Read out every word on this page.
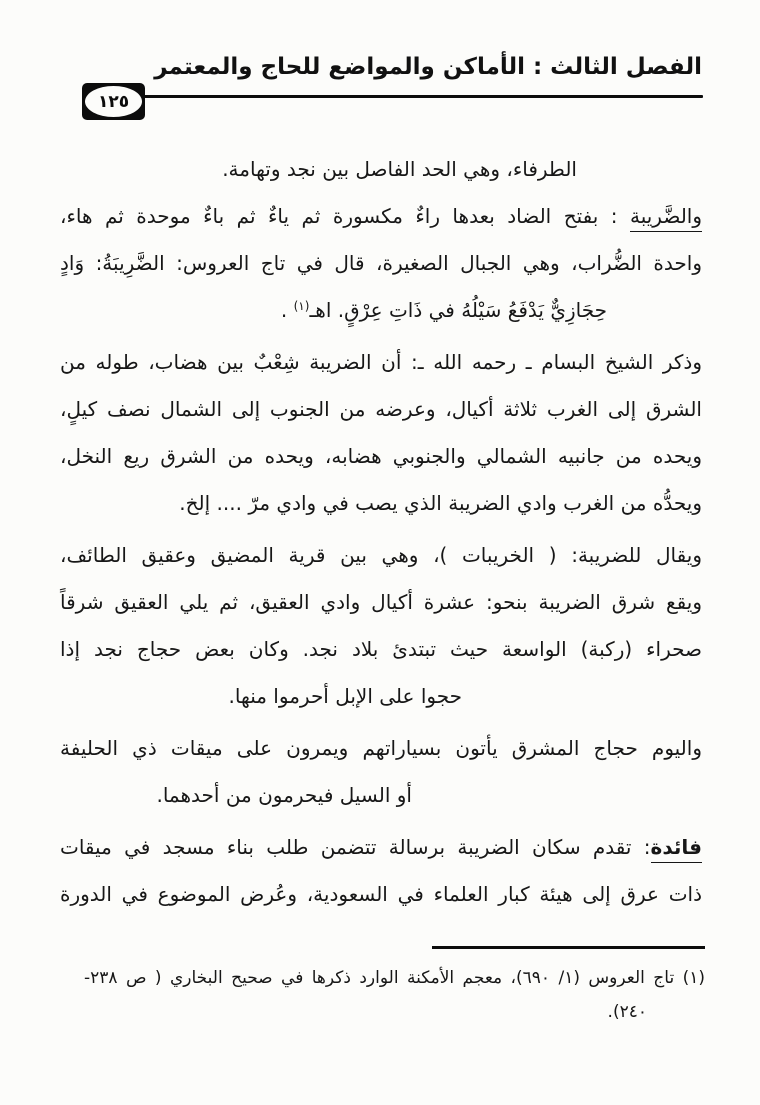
الفصل الثالث : الأماكن والمواضع للحاج والمعتمر
١٢٥
الطرفاء، وهي الحد الفاصل بين نجد وتهامة.
والضَّريبة : بفتح الضاد بعدها راءٌ مكسورة ثم ياءٌ ثم باءٌ موحدة ثم هاء،
واحدة الضُّراب، وهي الجبال الصغيرة، قال في تاج العروس: الضَّرِيبَةُ: وَادٍ
حِجَازِيٌّ يَدْفَعُ سَيْلُهُ في ذَاتِ عِرْقٍ. اهـ$^{(١)}$ .
وذكر الشيخ البسام ـ رحمه الله ـ: أن الضريبة شِعْبٌ بين هضاب، طوله من
الشرق إلى الغرب ثلاثة أكيال، وعرضه من الجنوب إلى الشمال نصف كيلٍ،
ويحده من جانبيه الشمالي والجنوبي هضابه، ويحده من الشرق ريع النخل،
ويحدُّه من الغرب وادي الضريبة الذي يصب في وادي مرّ .... إلخ.
ويقال للضريبة: ( الخريبات )، وهي بين قرية المضيق وعقيق الطائف،
ويقع شرق الضريبة بنحو: عشرة أكيال وادي العقيق، ثم يلي العقيق شرقاً
صحراء (ركبة) الواسعة حيث تبتدئ بلاد نجد. وكان بعض حجاج نجد إذا
حجوا على الإبل أحرموا منها.
واليوم حجاج المشرق يأتون بسياراتهم ويمرون على ميقات ذي الحليفة
أو السيل فيحرمون من أحدهما.
فائدة: تقدم سكان الضريبة برسالة تتضمن طلب بناء مسجد في ميقات
ذات عرق إلى هيئة كبار العلماء في السعودية، وعُرض الموضوع في الدورة
(١) تاج العروس (١/ ٦٩٠)، معجم الأمكنة الوارد ذكرها في صحيح البخاري ( ص ٢٣٨-
٢٤٠).
